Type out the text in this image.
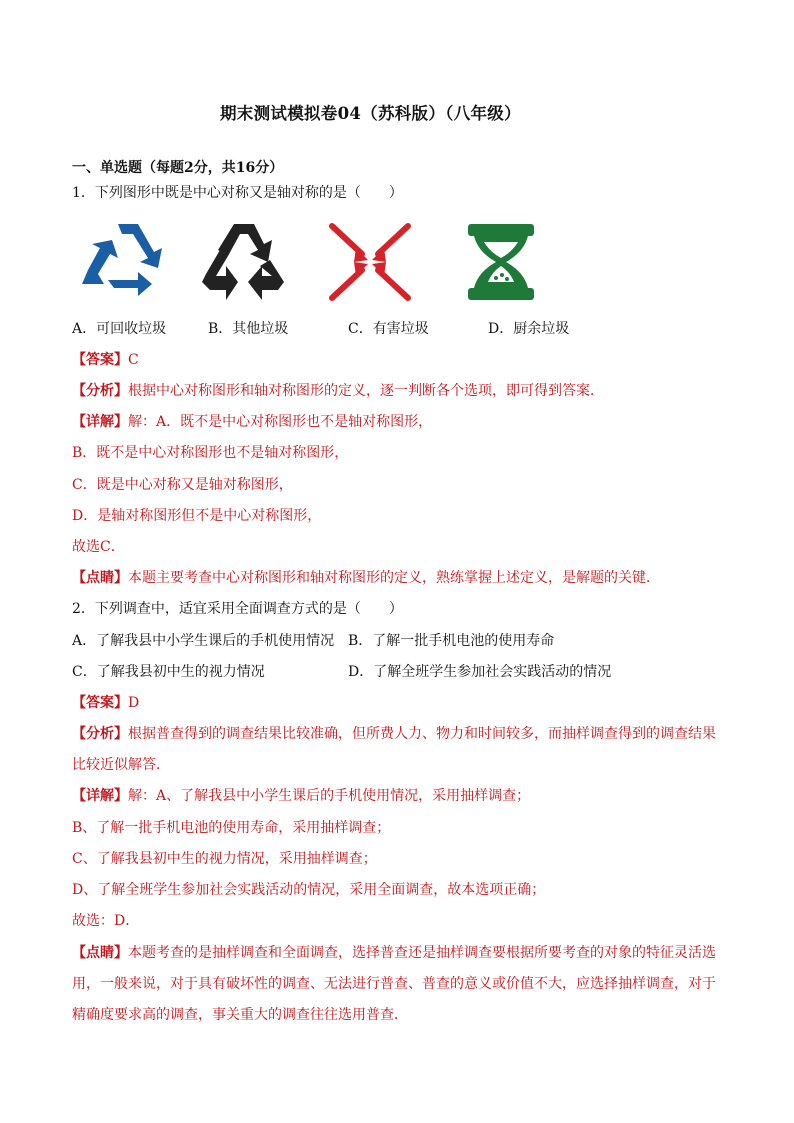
期末测试模拟卷04（苏科版）（八年级）
一、单选题（每题2分，共16分）
1．下列图形中既是中心对称又是轴对称的是（　　）
A．可回收垃圾	B．其他垃圾	C．有害垃圾	D．厨余垃圾
【答案】C
【分析】根据中心对称图形和轴对称图形的定义，逐一判断各个选项，即可得到答案．
【详解】解：A．既不是中心对称图形也不是轴对称图形，
B．既不是中心对称图形也不是轴对称图形，
C．既是中心对称又是轴对称图形，
D．是轴对称图形但不是中心对称图形，
故选C．
【点睛】本题主要考查中心对称图形和轴对称图形的定义，熟练掌握上述定义，是解题的关键．
2．下列调查中，适宜采用全面调查方式的是（　　）
A．了解我县中小学生课后的手机使用情况 B．了解一批手机电池的使用寿命
C．了解我县初中生的视力情况	D．了解全班学生参加社会实践活动的情况
【答案】D
【分析】根据普查得到的调查结果比较准确，但所费人力、物力和时间较多，而抽样调查得到的调查结果
比较近似解答．
【详解】解：A、了解我县中小学生课后的手机使用情况，采用抽样调查；
B、了解一批手机电池的使用寿命，采用抽样调查；
C、了解我县初中生的视力情况，采用抽样调查；
D、了解全班学生参加社会实践活动的情况，采用全面调查，故本选项正确；
故选：D．
【点睛】本题考查的是抽样调查和全面调查，选择普查还是抽样调查要根据所要考查的对象的特征灵活选
用，一般来说，对于具有破坏性的调查、无法进行普查、普查的意义或价值不大，应选择抽样调查，对于
精确度要求高的调查，事关重大的调查往往选用普查．
